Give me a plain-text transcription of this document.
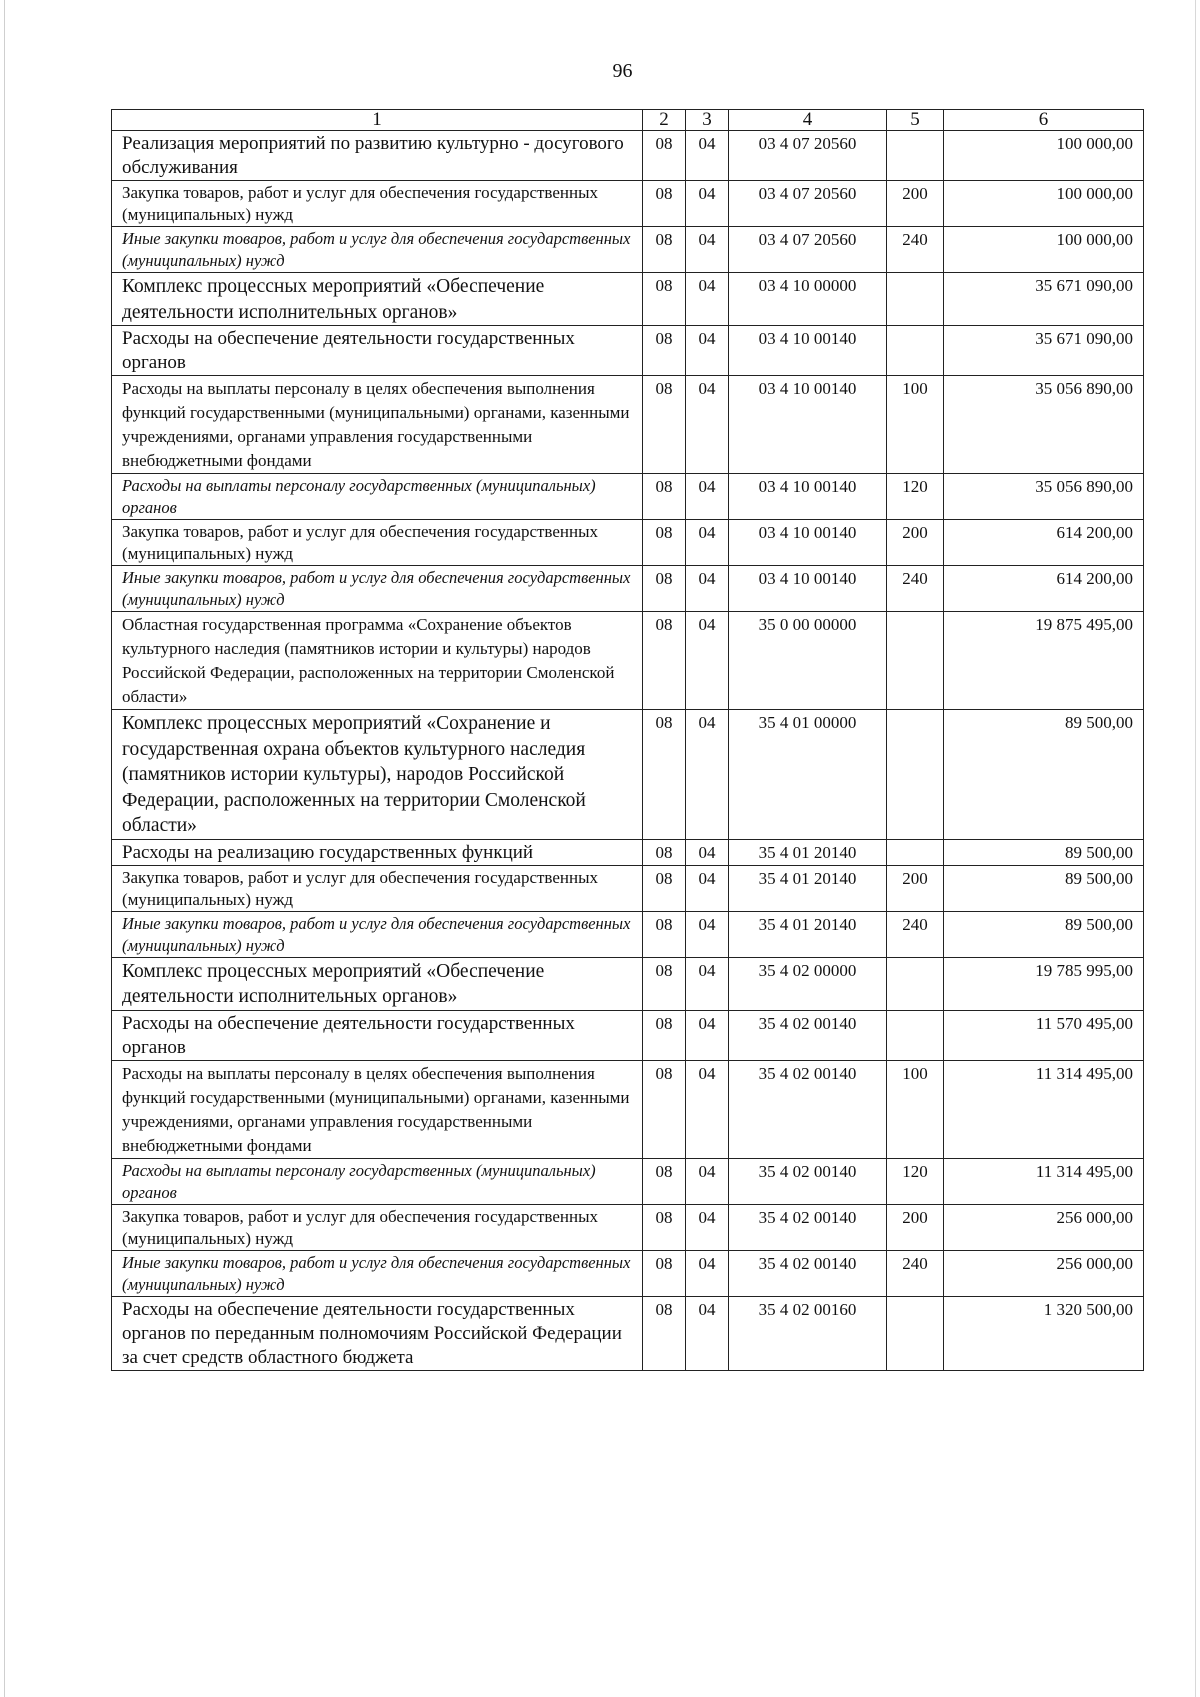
96
1	2	3	4	5	6
Реализация мероприятий по развитию культурно - досугового обслуживания	08	04	03 4 07 20560		100 000,00
Закупка товаров, работ и услуг для обеспечения государственных (муниципальных) нужд	08	04	03 4 07 20560	200	100 000,00
Иные закупки товаров, работ и услуг для обеспечения государственных (муниципальных) нужд	08	04	03 4 07 20560	240	100 000,00
Комплекс процессных мероприятий «Обеспечение деятельности исполнительных органов»	08	04	03 4 10 00000		35 671 090,00
Расходы на обеспечение деятельности государственных органов	08	04	03 4 10 00140		35 671 090,00
Расходы на выплаты персоналу в целях обеспечения выполнения функций государственными (муниципальными) органами, казенными учреждениями, органами управления государственными внебюджетными фондами	08	04	03 4 10 00140	100	35 056 890,00
Расходы на выплаты персоналу государственных (муниципальных) органов	08	04	03 4 10 00140	120	35 056 890,00
Закупка товаров, работ и услуг для обеспечения государственных (муниципальных) нужд	08	04	03 4 10 00140	200	614 200,00
Иные закупки товаров, работ и услуг для обеспечения государственных (муниципальных) нужд	08	04	03 4 10 00140	240	614 200,00
Областная государственная программа «Сохранение объектов культурного наследия (памятников истории и культуры) народов Российской Федерации, расположенных на территории Смоленской области»	08	04	35 0 00 00000		19 875 495,00
Комплекс процессных мероприятий «Сохранение и государственная охрана объектов культурного наследия (памятников истории культуры), народов Российской Федерации, расположенных на территории Смоленской области»	08	04	35 4 01 00000		89 500,00
Расходы на реализацию государственных функций	08	04	35 4 01 20140		89 500,00
Закупка товаров, работ и услуг для обеспечения государственных (муниципальных) нужд	08	04	35 4 01 20140	200	89 500,00
Иные закупки товаров, работ и услуг для обеспечения государственных (муниципальных) нужд	08	04	35 4 01 20140	240	89 500,00
Комплекс процессных мероприятий «Обеспечение деятельности исполнительных органов»	08	04	35 4 02 00000		19 785 995,00
Расходы на обеспечение деятельности государственных органов	08	04	35 4 02 00140		11 570 495,00
Расходы на выплаты персоналу в целях обеспечения выполнения функций государственными (муниципальными) органами, казенными учреждениями, органами управления государственными внебюджетными фондами	08	04	35 4 02 00140	100	11 314 495,00
Расходы на выплаты персоналу государственных (муниципальных) органов	08	04	35 4 02 00140	120	11 314 495,00
Закупка товаров, работ и услуг для обеспечения государственных (муниципальных) нужд	08	04	35 4 02 00140	200	256 000,00
Иные закупки товаров, работ и услуг для обеспечения государственных (муниципальных) нужд	08	04	35 4 02 00140	240	256 000,00
Расходы на обеспечение деятельности государственных органов по переданным полномочиям Российской Федерации за счет средств областного бюджета	08	04	35 4 02 00160		1 320 500,00
